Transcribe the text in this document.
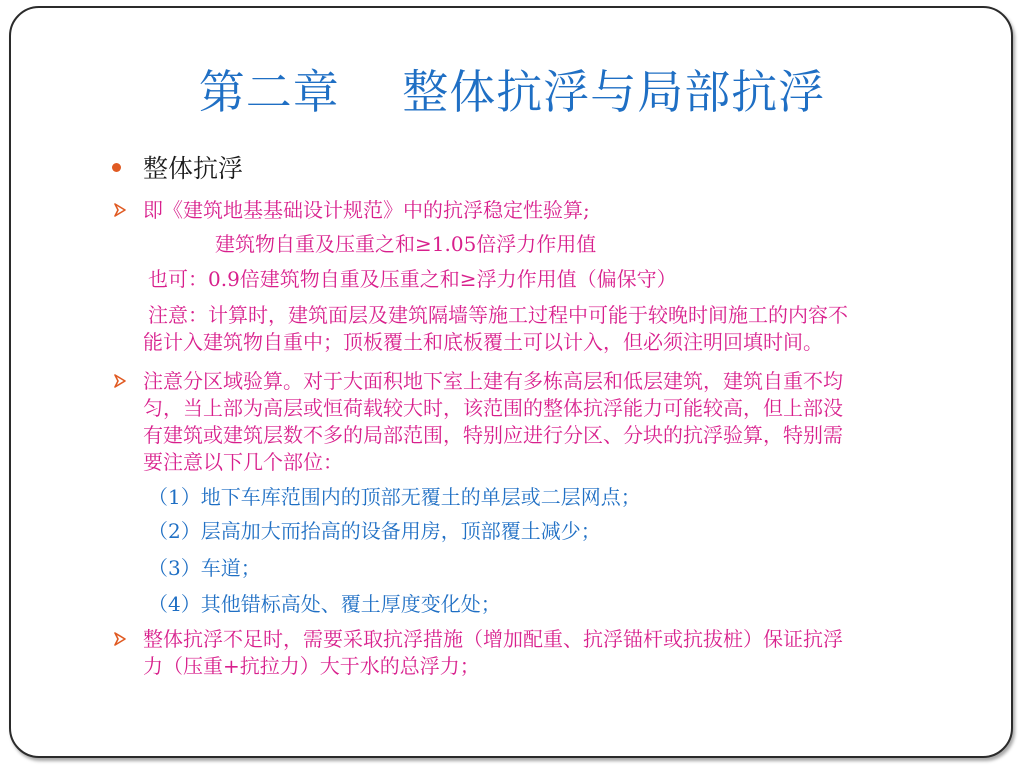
第二章    整体抗浮与局部抗浮
整体抗浮
即《建筑地基基础设计规范》中的抗浮稳定性验算;
建筑物自重及压重之和≥1.05倍浮力作用值
也可：0.9倍建筑物自重及压重之和≥浮力作用值（偏保守）
注意：计算时，建筑面层及建筑隔墙等施工过程中可能于较晚时间施工的内容不
能计入建筑物自重中；顶板覆土和底板覆土可以计入，但必须注明回填时间。
注意分区域验算。对于大面积地下室上建有多栋高层和低层建筑，建筑自重不均
匀，当上部为高层或恒荷载较大时，该范围的整体抗浮能力可能较高，但上部没
有建筑或建筑层数不多的局部范围，特别应进行分区、分块的抗浮验算，特别需
要注意以下几个部位：
（1）地下车库范围内的顶部无覆土的单层或二层网点；
（2）层高加大而抬高的设备用房，顶部覆土减少；
（3）车道；
（4）其他错标高处、覆土厚度变化处；
整体抗浮不足时，需要采取抗浮措施（增加配重、抗浮锚杆或抗拔桩）保证抗浮
力（压重+抗拉力）大于水的总浮力；
